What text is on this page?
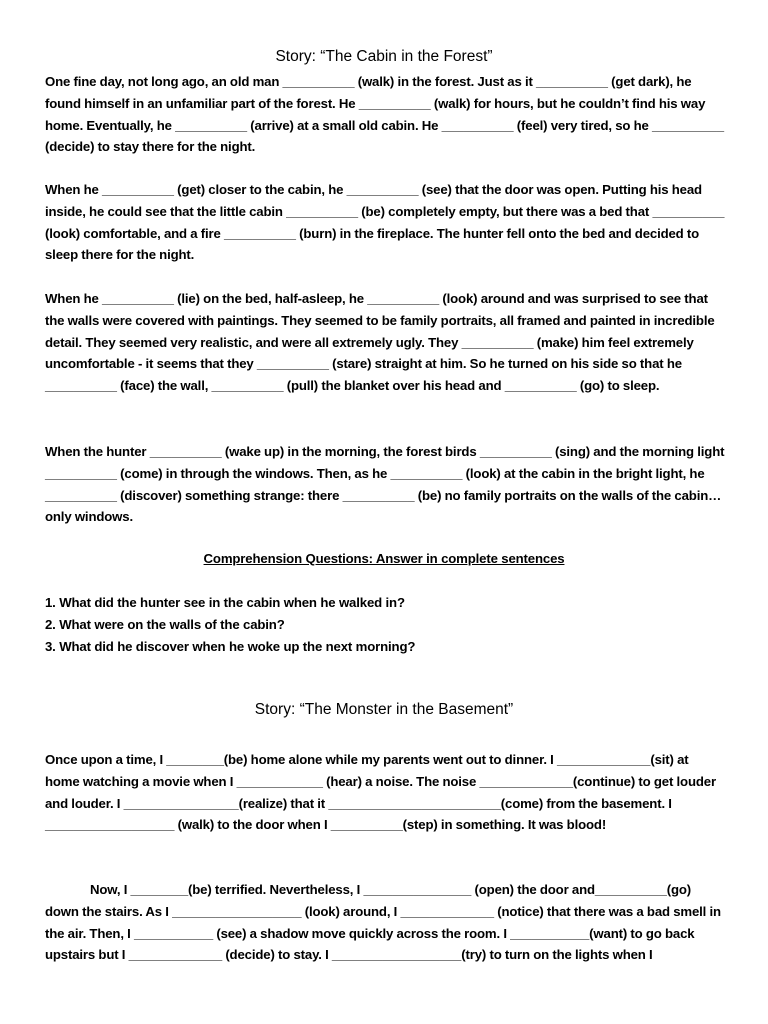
Story: “The Cabin in the Forest”

One fine day, not long ago, an old man __________ (walk) in the forest. Just as it __________ (get dark), he found himself in an unfamiliar part of the forest. He __________ (walk) for hours, but he couldn’t find his way home. Eventually, he __________ (arrive) at a small old cabin. He __________ (feel) very tired, so he __________ (decide) to stay there for the night.

When he __________ (get) closer to the cabin, he __________ (see) that the door was open. Putting his head inside, he could see that the little cabin __________ (be) completely empty, but there was a bed that __________ (look) comfortable, and a fire __________ (burn) in the fireplace. The hunter fell onto the bed and decided to sleep there for the night.

When he __________ (lie) on the bed, half-asleep, he __________ (look) around and was surprised to see that the walls were covered with paintings. They seemed to be family portraits, all framed and painted in incredible detail. They seemed very realistic, and were all extremely ugly. They __________ (make) him feel extremely uncomfortable - it seems that they __________ (stare) straight at him. So he turned on his side so that he __________ (face) the wall, __________ (pull) the blanket over his head and __________ (go) to sleep.

When the hunter __________ (wake up) in the morning, the forest birds __________ (sing) and the morning light __________ (come) in through the windows. Then, as he __________ (look) at the cabin in the bright light, he __________ (discover) something strange: there __________ (be) no family portraits on the walls of the cabin… only windows.

Comprehension Questions: Answer in complete sentences

1. What did the hunter see in the cabin when he walked in?

2. What were on the walls of the cabin?

3. What did he discover when he woke up the next morning?

Story: “The Monster in the Basement”

Once upon a time, I ________(be) home alone while my parents went out to dinner. I _____________(sit) at home watching a movie when I ____________ (hear) a noise. The noise _____________(continue) to get louder and louder. I ________________(realize) that it ________________________(come) from the basement. I __________________ (walk) to the door when I __________(step) in something. It was blood!

Now, I ________(be) terrified. Nevertheless, I _______________ (open) the door and__________(go) down the stairs. As I __________________ (look) around, I _____________ (notice) that there was a bad smell in the air. Then, I ___________ (see) a shadow move quickly across the room. I ___________(want) to go back upstairs but I _____________ (decide) to stay. I __________________(try) to turn on the lights when I
